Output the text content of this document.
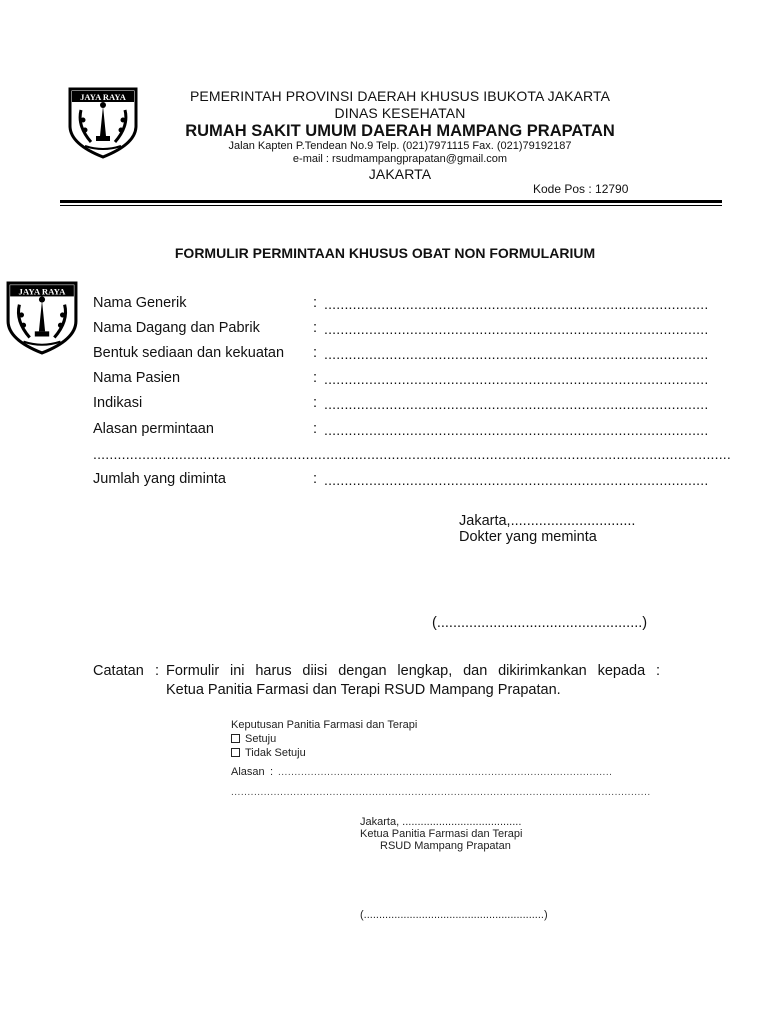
JAYA RAYA	PEMERINTAH PROVINSI DAERAH KHUSUS IBUKOTA JAKARTA
DINAS KESEHATAN
RUMAH SAKIT UMUM DAERAH MAMPANG PRAPATAN
Jalan Kapten P.Tendean No.9 Telp. (021)7971115 Fax. (021)79192187
e-mail : rsudmampangprapatan@gmail.com
JAKARTA
Kode Pos : 12790
FORMULIR PERMINTAAN KHUSUS OBAT NON FORMULARIUM
JAYA RAYA
Nama Generik	: ..............................................................................................
Nama Dagang dan Pabrik	: ..............................................................................................
Bentuk sediaan dan kekuatan : ..............................................................................................
Nama Pasien	: ..............................................................................................
Indikasi	: ..............................................................................................
Alasan permintaan	: ..............................................................................................
............................................................................................................................................................
Jumlah yang diminta	: ..............................................................................................
Jakarta,...............................
Dokter yang meminta
(...................................................)
Catatan : Formulir ini harus diisi dengan lengkap, dan dikirimkankan kepada :
Ketua Panitia Farmasi dan Terapi RSUD Mampang Prapatan.
Keputusan Panitia Farmasi dan Terapi
Setuju
Tidak Setuju
Alasan : ......................................................................................................
................................................................................................................................
Jakarta, .......................................
Ketua Panitia Farmasi dan Terapi
RSUD Mampang Prapatan
(...........................................................)
